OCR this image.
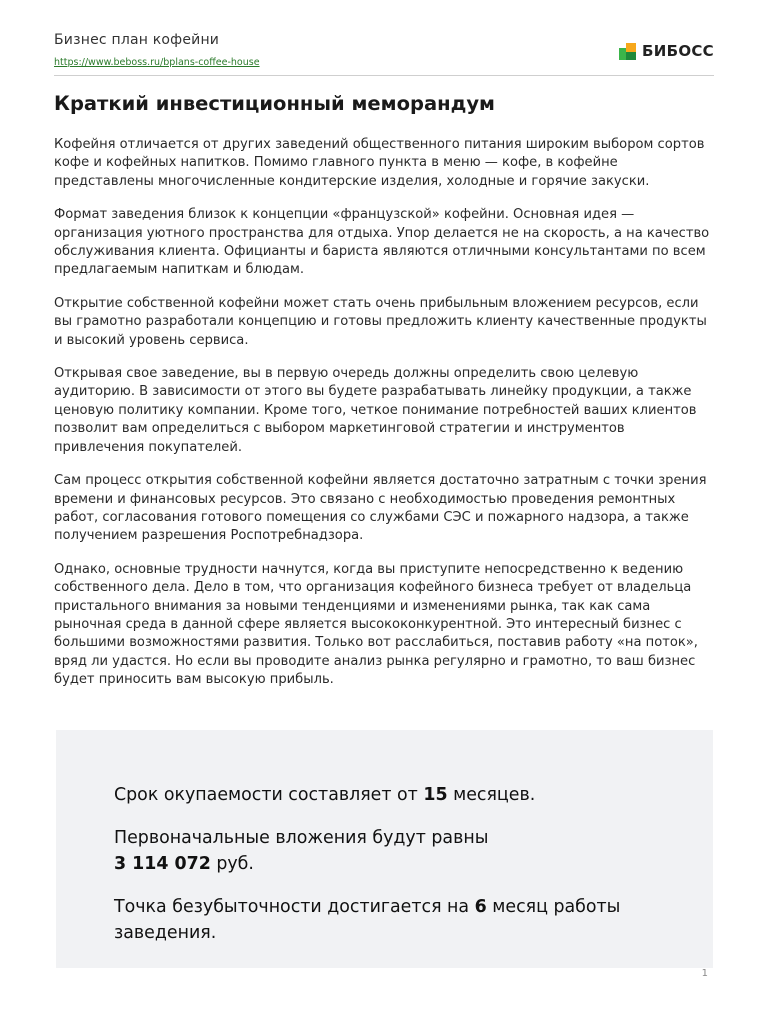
Бизнес план кофейни
https://www.beboss.ru/bplans-coffee-house
БИБОСС
Краткий инвестиционный меморандум

Кофейня отличается от других заведений общественного питания широким выбором сортов кофе и кофейных напитков. Помимо главного пункта в меню — кофе, в кофейне представлены многочисленные кондитерские изделия, холодные и горячие закуски.

Формат заведения близок к концепции «французской» кофейни. Основная идея — организация уютного пространства для отдыха. Упор делается не на скорость, а на качество обслуживания клиента. Официанты и бариста являются отличными консультантами по всем предлагаемым напиткам и блюдам.

Открытие собственной кофейни может стать очень прибыльным вложением ресурсов, если вы грамотно разработали концепцию и готовы предложить клиенту качественные продукты и высокий уровень сервиса.

Открывая свое заведение, вы в первую очередь должны определить свою целевую аудиторию. В зависимости от этого вы будете разрабатывать линейку продукции, а также ценовую политику компании. Кроме того, четкое понимание потребностей ваших клиентов позволит вам определиться с выбором маркетинговой стратегии и инструментов привлечения покупателей.

Сам процесс открытия собственной кофейни является достаточно затратным с точки зрения времени и финансовых ресурсов. Это связано с необходимостью проведения ремонтных работ, согласования готового помещения со службами СЭС и пожарного надзора, а также получением разрешения Роспотребнадзора.

Однако, основные трудности начнутся, когда вы приступите непосредственно к ведению собственного дела. Дело в том, что организация кофейного бизнеса требует от владельца пристального внимания за новыми тенденциями и изменениями рынка, так как сама рыночная среда в данной сфере является высококонкурентной. Это интересный бизнес с большими возможностями развития. Только вот расслабиться, поставив работу «на поток», вряд ли удастся. Но если вы проводите анализ рынка регулярно и грамотно, то ваш бизнес будет приносить вам высокую прибыль.

Срок окупаемости составляет от 15 месяцев.

Первоначальные вложения будут равны
3 114 072 руб.

Точка безубыточности достигается на 6 месяц работы заведения.

1
